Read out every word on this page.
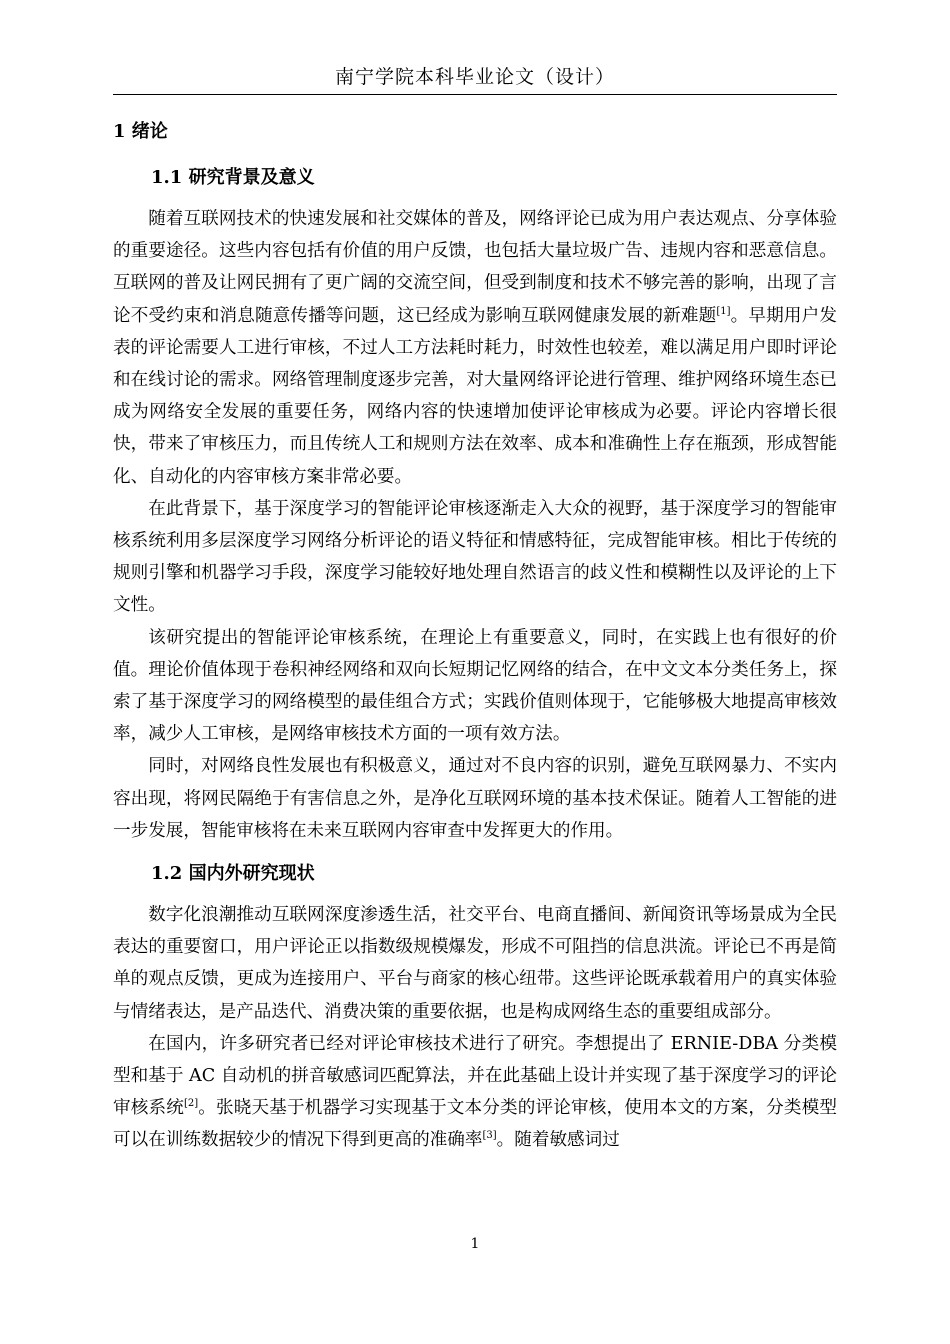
南宁学院本科毕业论文（设计）
1 绪论
1.1 研究背景及意义

随着互联网技术的快速发展和社交媒体的普及，网络评论已成为用户表达观点、分享体验的重要途径。这些内容包括有价值的用户反馈，也包括大量垃圾广告、违规内容和恶意信息。互联网的普及让网民拥有了更广阔的交流空间，但受到制度和技术不够完善的影响，出现了言论不受约束和消息随意传播等问题，这已经成为影响互联网健康发展的新难题[1]。早期用户发表的评论需要人工进行审核，不过人工方法耗时耗力，时效性也较差，难以满足用户即时评论和在线讨论的需求。网络管理制度逐步完善，对大量网络评论进行管理、维护网络环境生态已成为网络安全发展的重要任务，网络内容的快速增加使评论审核成为必要。评论内容增长很快，带来了审核压力，而且传统人工和规则方法在效率、成本和准确性上存在瓶颈，形成智能化、自动化的内容审核方案非常必要。

在此背景下，基于深度学习的智能评论审核逐渐走入大众的视野，基于深度学习的智能审核系统利用多层深度学习网络分析评论的语义特征和情感特征，完成智能审核。相比于传统的规则引擎和机器学习手段，深度学习能较好地处理自然语言的歧义性和模糊性以及评论的上下文性。

该研究提出的智能评论审核系统，在理论上有重要意义，同时，在实践上也有很好的价值。理论价值体现于卷积神经网络和双向长短期记忆网络的结合，在中文文本分类任务上，探索了基于深度学习的网络模型的最佳组合方式；实践价值则体现于，它能够极大地提高审核效率，减少人工审核，是网络审核技术方面的一项有效方法。

同时，对网络良性发展也有积极意义，通过对不良内容的识别，避免互联网暴力、不实内容出现，将网民隔绝于有害信息之外，是净化互联网环境的基本技术保证。随着人工智能的进一步发展，智能审核将在未来互联网内容审查中发挥更大的作用。

1.2 国内外研究现状

数字化浪潮推动互联网深度渗透生活，社交平台、电商直播间、新闻资讯等场景成为全民表达的重要窗口，用户评论正以指数级规模爆发，形成不可阻挡的信息洪流。评论已不再是简单的观点反馈，更成为连接用户、平台与商家的核心纽带。这些评论既承载着用户的真实体验与情绪表达，是产品迭代、消费决策的重要依据，也是构成网络生态的重要组成部分。

在国内，许多研究者已经对评论审核技术进行了研究。李想提出了 ERNIE-DBA 分类模型和基于 AC 自动机的拼音敏感词匹配算法，并在此基础上设计并实现了基于深度学习的评论审核系统[2]。张晓天基于机器学习实现基于文本分类的评论审核，使用本文的方案，分类模型可以在训练数据较少的情况下得到更高的准确率[3]。随着敏感词过

1
